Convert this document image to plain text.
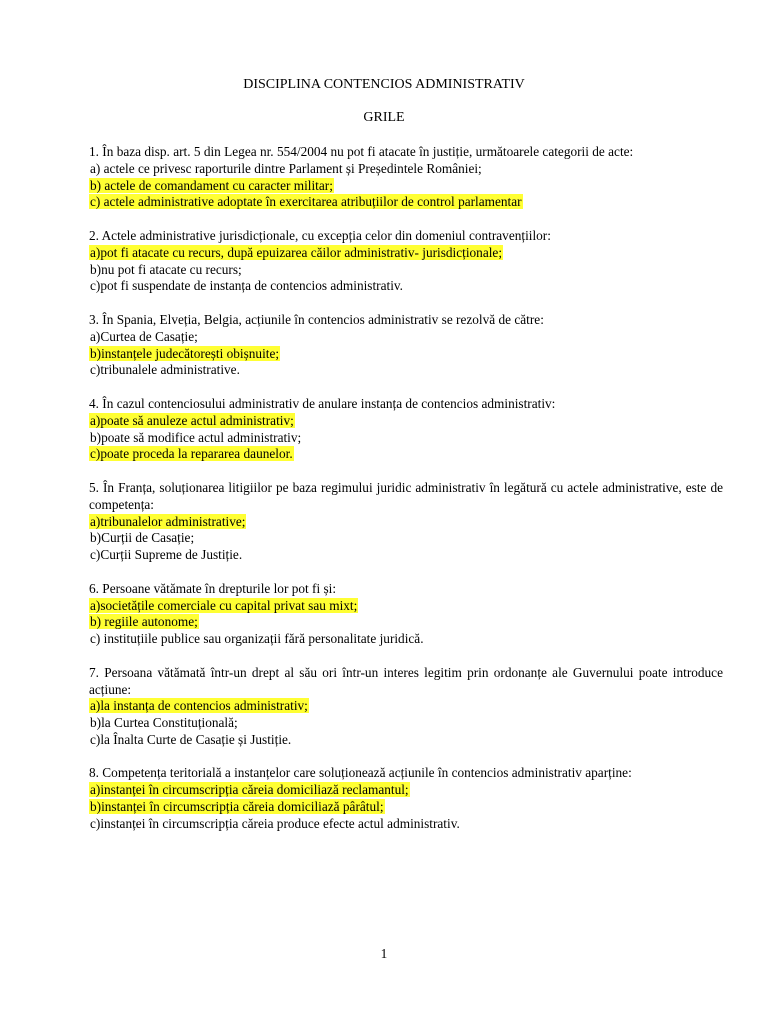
DISCIPLINA CONTENCIOS ADMINISTRATIV
GRILE

1. În baza disp. art. 5 din Legea nr. 554/2004 nu pot fi atacate în justiție, următoarele categorii de acte:

a) actele ce privesc raporturile dintre Parlament și Președintele României;

b) actele de comandament cu caracter militar;

c) actele administrative adoptate în exercitarea atribuțiilor de control parlamentar

2. Actele administrative jurisdicționale, cu excepția celor din domeniul contravențiilor:

a)pot fi atacate cu recurs, după epuizarea căilor administrativ- jurisdicționale;

b)nu pot fi atacate cu recurs;

c)pot fi suspendate de instanța de contencios administrativ.

3. În Spania, Elveția, Belgia, acțiunile în contencios administrativ se rezolvă de către:

a)Curtea de Casație;

b)instanțele judecătorești obișnuite;

c)tribunalele administrative.

4. În cazul contenciosului administrativ de anulare instanța de contencios administrativ:

a)poate să anuleze actul administrativ;

b)poate să modifice actul administrativ;

c)poate proceda la repararea daunelor.

5. În Franța, soluționarea litigiilor pe baza regimului juridic administrativ în legătură cu actele administrative, este de competența:

a)tribunalelor administrative;

b)Curții de Casație;

c)Curții Supreme de Justiție.

6. Persoane vătămate în drepturile lor pot fi și:

a)societățile comerciale cu capital privat sau mixt;

b) regiile autonome;

c) instituțiile publice sau organizații fără personalitate juridică.

7. Persoana vătămată într-un drept al său ori într-un interes legitim prin ordonanțe ale Guvernului poate introduce acțiune:

a)la instanța de contencios administrativ;

b)la Curtea Constituțională;

c)la Înalta Curte de Casație și Justiție.

8. Competența teritorială a instanțelor care soluționează acțiunile în contencios administrativ aparține:

a)instanței în circumscripția căreia domiciliază reclamantul;

b)instanței în circumscripția căreia domiciliază pârâtul;

c)instanței în circumscripția căreia produce efecte actul administrativ.

1
